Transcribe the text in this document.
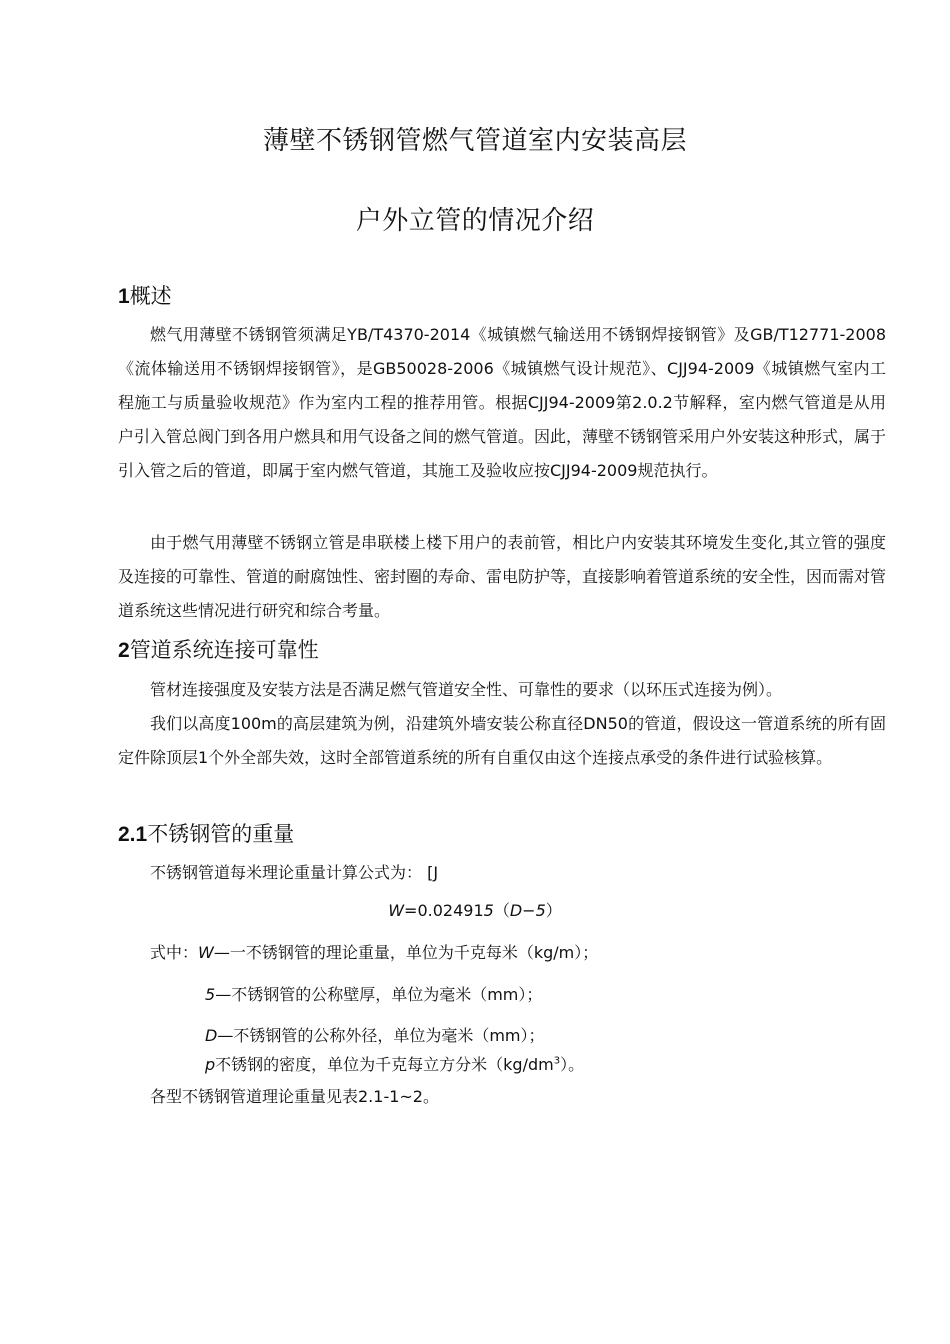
薄壁不锈钢管燃气管道室内安装高层
户外立管的情况介绍
1概述
燃气用薄壁不锈钢管须满足YB/T4370-2014《城镇燃气输送用不锈钢焊接钢管》及GB/T12771-2008《流体输送用不锈钢焊接钢管》，是GB50028-2006《城镇燃气设计规范》、CJJ94-2009《城镇燃气室内工程施工与质量验收规范》作为室内工程的推荐用管。根据CJJ94-2009第2.0.2节解释，室内燃气管道是从用户引入管总阀门到各用户燃具和用气设备之间的燃气管道。因此，薄壁不锈钢管采用户外安装这种形式，属于引入管之后的管道，即属于室内燃气管道，其施工及验收应按CJJ94-2009规范执行。
由于燃气用薄壁不锈钢立管是串联楼上楼下用户的表前管，相比户内安装其环境发生变化,其立管的强度及连接的可靠性、管道的耐腐蚀性、密封圈的寿命、雷电防护等，直接影响着管道系统的安全性，因而需对管道系统这些情况进行研究和综合考量。
2管道系统连接可靠性
管材连接强度及安装方法是否满足燃气管道安全性、可靠性的要求（以环压式连接为例）。
我们以高度100m的高层建筑为例，沿建筑外墙安装公称直径DN50的管道，假设这一管道系统的所有固定件除顶层1个外全部失效，这时全部管道系统的所有自重仅由这个连接点承受的条件进行试验核算。
2.1不锈钢管的重量
不锈钢管道每米理论重量计算公式为： [J
W=0.024915（D−5）
式中：W—一不锈钢管的理论重量，单位为千克每米（kg/m）；
5—不锈钢管的公称壁厚，单位为毫米（mm）；
D—不锈钢管的公称外径，单位为毫米（mm）；
p不锈钢的密度，单位为千克每立方分米$(kg/dm^3)$。
各型不锈钢管道理论重量见表2.1-1~2。
